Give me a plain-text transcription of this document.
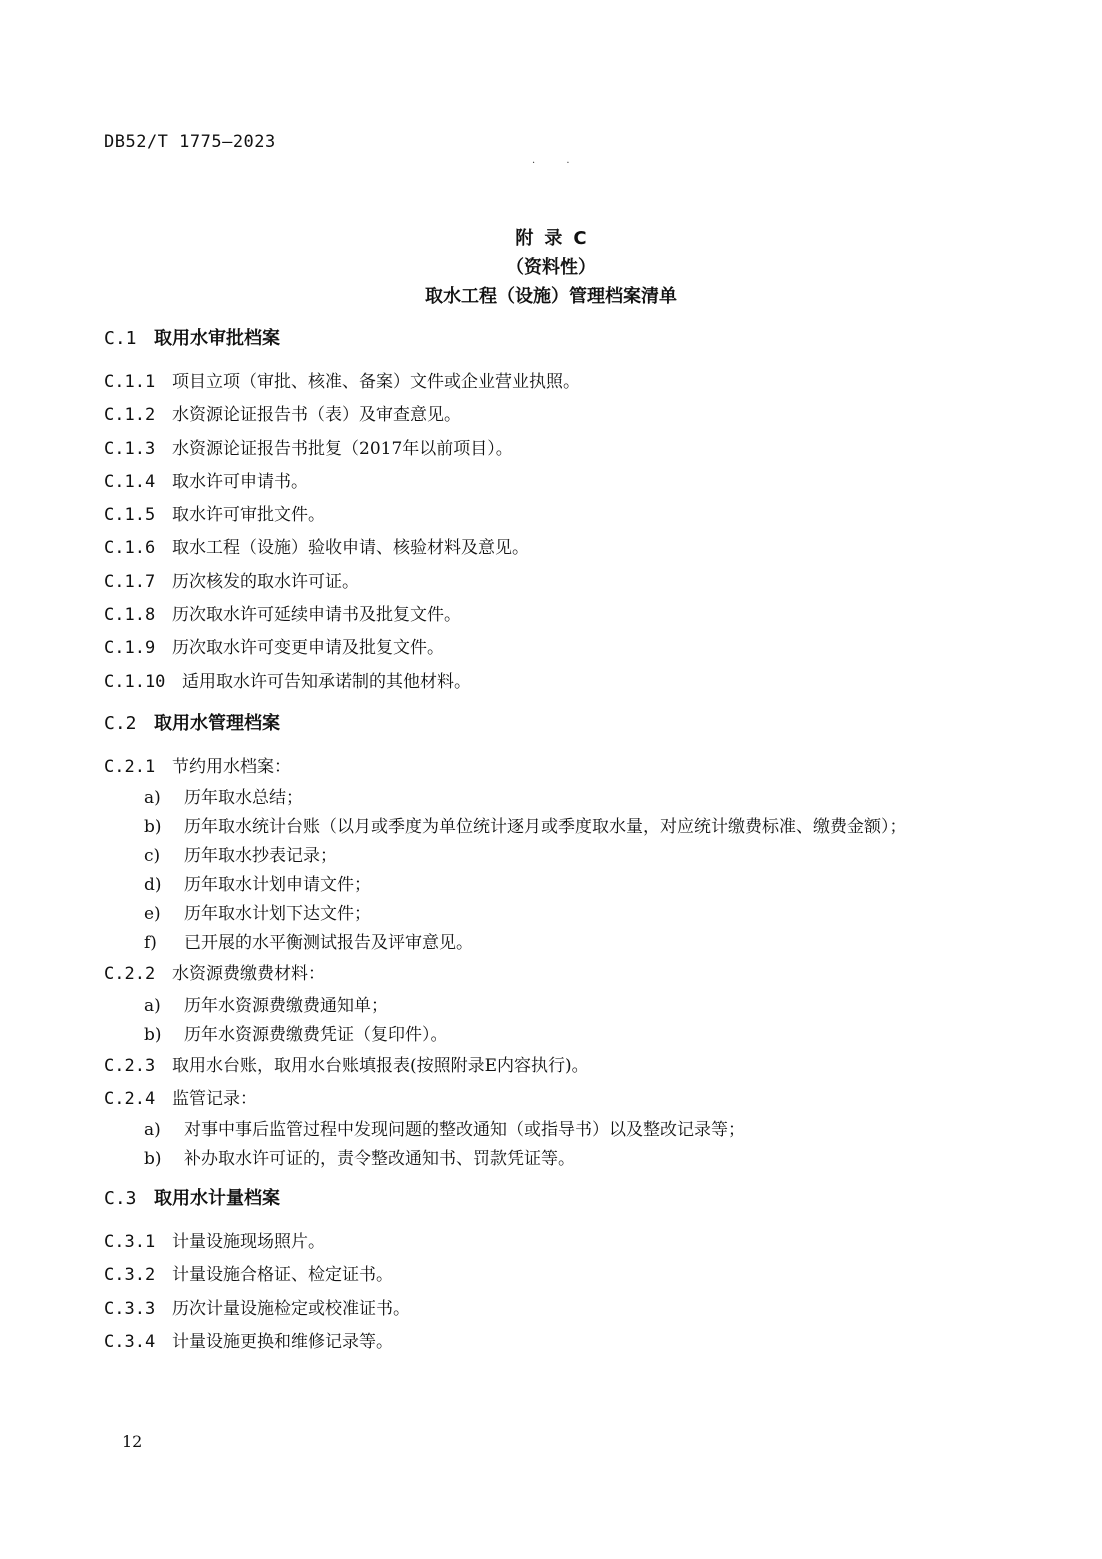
DB52/T 1775—2023
· ·
附录C
（资料性）
取水工程（设施）管理档案清单
C.1 取用水审批档案
C.1.1 项目立项（审批、核准、备案）文件或企业营业执照。
C.1.2 水资源论证报告书（表）及审查意见。
C.1.3 水资源论证报告书批复（2017年以前项目）。
C.1.4 取水许可申请书。
C.1.5 取水许可审批文件。
C.1.6 取水工程（设施）验收申请、核验材料及意见。
C.1.7 历次核发的取水许可证。
C.1.8 历次取水许可延续申请书及批复文件。
C.1.9 历次取水许可变更申请及批复文件。
C.1.10 适用取水许可告知承诺制的其他材料。
C.2 取用水管理档案
C.2.1 节约用水档案：
a) 历年取水总结；
b) 历年取水统计台账（以月或季度为单位统计逐月或季度取水量，对应统计缴费标准、缴费金额）；
c) 历年取水抄表记录；
d) 历年取水计划申请文件；
e) 历年取水计划下达文件；
f) 已开展的水平衡测试报告及评审意见。
C.2.2 水资源费缴费材料：
a) 历年水资源费缴费通知单；
b) 历年水资源费缴费凭证（复印件）。
C.2.3 取用水台账，取用水台账填报表(按照附录E内容执行)。
C.2.4 监管记录：
a) 对事中事后监管过程中发现问题的整改通知（或指导书）以及整改记录等；
b) 补办取水许可证的，责令整改通知书、罚款凭证等。
C.3 取用水计量档案
C.3.1 计量设施现场照片。
C.3.2 计量设施合格证、检定证书。
C.3.3 历次计量设施检定或校准证书。
C.3.4 计量设施更换和维修记录等。
12
